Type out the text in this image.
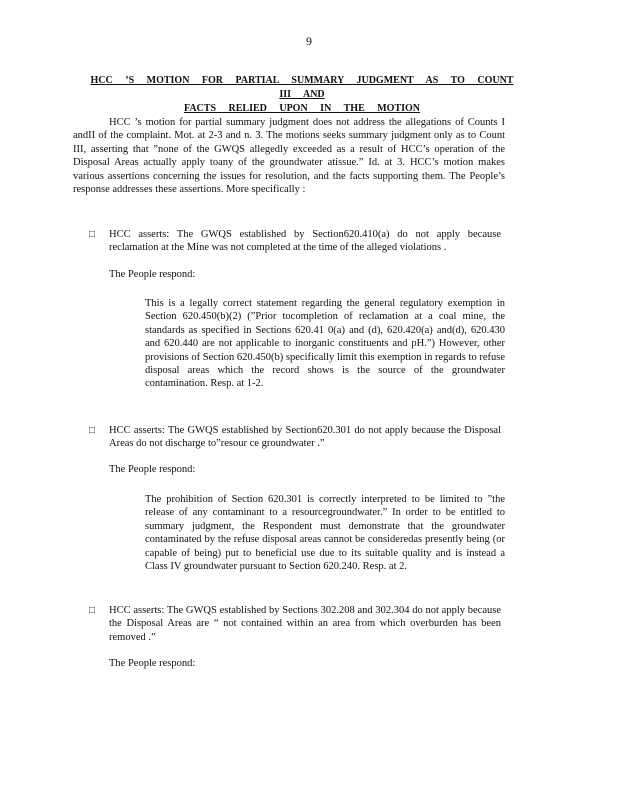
9
HCC ’S MOTION FOR PARTIAL SUMMARY JUDGMENT AS TO COUNT III AND
FACTS RELIED UPON IN THE MOTION
HCC ’s motion for partial summary judgment does not address the allegations of Counts I andII of the complaint. Mot. at 2-3 and n. 3. The motions seeks summary judgment only as to Count III, asserting that ”none of the GWQS allegedly exceeded as a result of HCC’s operation of the Disposal Areas actually apply toany of the groundwater atissue.” Id. at 3. HCC’s motion makes various assertions concerning the issues for resolution, and the facts supporting them. The People’s response addresses these assertions. More specifically :
□ HCC asserts: The GWQS established by Section620.410(a) do not apply because reclamation at the Mine was not completed at the time of the alleged violations .
The People respond:
This is a legally correct statement regarding the general regulatory exemption in Section 620.450(b)(2) (”Prior tocompletion of reclamation at a coal mine, the standards as specified in Sections 620.41 0(a) and (d), 620.420(a) and(d), 620.430 and 620.440 are not applicable to inorganic constituents and pH.”) However, other provisions of Section 620.450(b) specifically limit this exemption in regards to refuse disposal areas which the record shows is the source of the groundwater contamination. Resp. at 1-2.
□ HCC asserts: The GWQS established by Section620.301 do not apply because the Disposal Areas do not discharge to”resour ce groundwater .”
The People respond:
The prohibition of Section 620.301 is correctly interpreted to be limited to ”the release of any contaminant to a resourcegroundwater.” In order to be entitled to summary judgment, the Respondent must demonstrate that the groundwater contaminated by the refuse disposal areas cannot be consideredas presently being (or capable of being) put to beneficial use due to its suitable quality and is instead a Class IV groundwater pursuant to Section 620.240. Resp. at 2.
□ HCC asserts: The GWQS established by Sections 302.208 and 302.304 do not apply because the Disposal Areas are “ not contained within an area from which overburden has been removed .”
The People respond:
